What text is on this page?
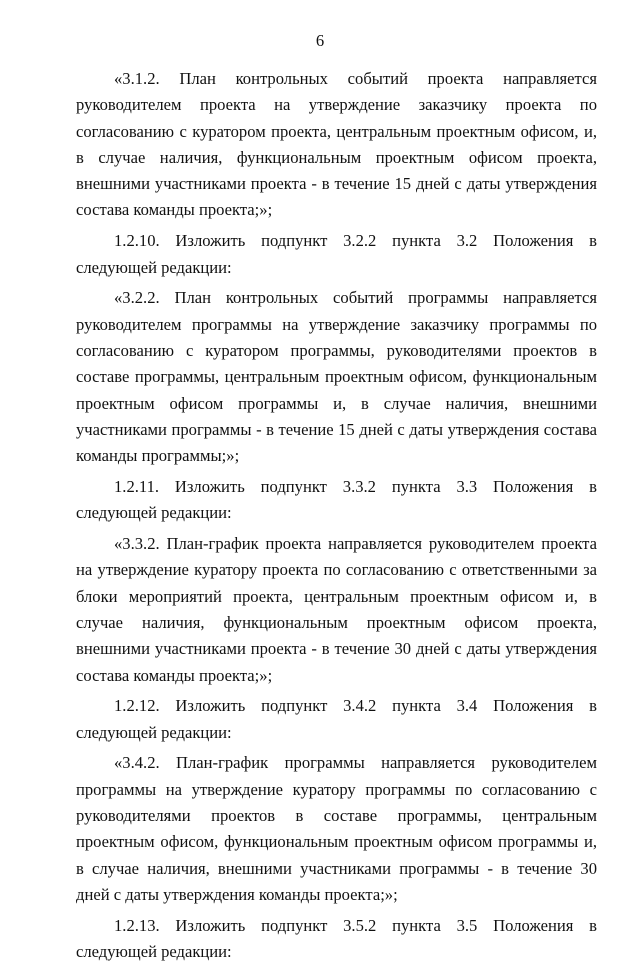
6

«3.1.2. План контрольных событий проекта направляется руководителем проекта на утверждение заказчику проекта по согласованию с куратором проекта, центральным проектным офисом, и, в случае наличия, функциональным проектным офисом проекта, внешними участниками проекта - в течение 15 дней с даты утверждения состава команды проекта;»;

1.2.10. Изложить подпункт 3.2.2 пункта 3.2 Положения в следующей редакции:

«3.2.2. План контрольных событий программы направляется руководителем программы на утверждение заказчику программы по согласованию с куратором программы, руководителями проектов в составе программы, центральным проектным офисом, функциональным проектным офисом программы и, в случае наличия, внешними участниками программы - в течение 15 дней с даты утверждения состава команды программы;»;

1.2.11. Изложить подпункт 3.3.2 пункта 3.3 Положения в следующей редакции:

«3.3.2. План-график проекта направляется руководителем проекта на утверждение куратору проекта по согласованию с ответственными за блоки мероприятий проекта, центральным проектным офисом и, в случае наличия, функциональным проектным офисом проекта, внешними участниками проекта - в течение 30 дней с даты утверждения состава команды проекта;»;

1.2.12. Изложить подпункт 3.4.2 пункта 3.4 Положения в следующей редакции:

«3.4.2. План-график программы направляется руководителем программы на утверждение куратору программы по согласованию с руководителями проектов в составе программы, центральным проектным офисом, функциональным проектным офисом программы и, в случае наличия, внешними участниками программы - в течение 30 дней с даты утверждения команды проекта;»;

1.2.13. Изложить подпункт 3.5.2 пункта 3.5 Положения в следующей редакции:
